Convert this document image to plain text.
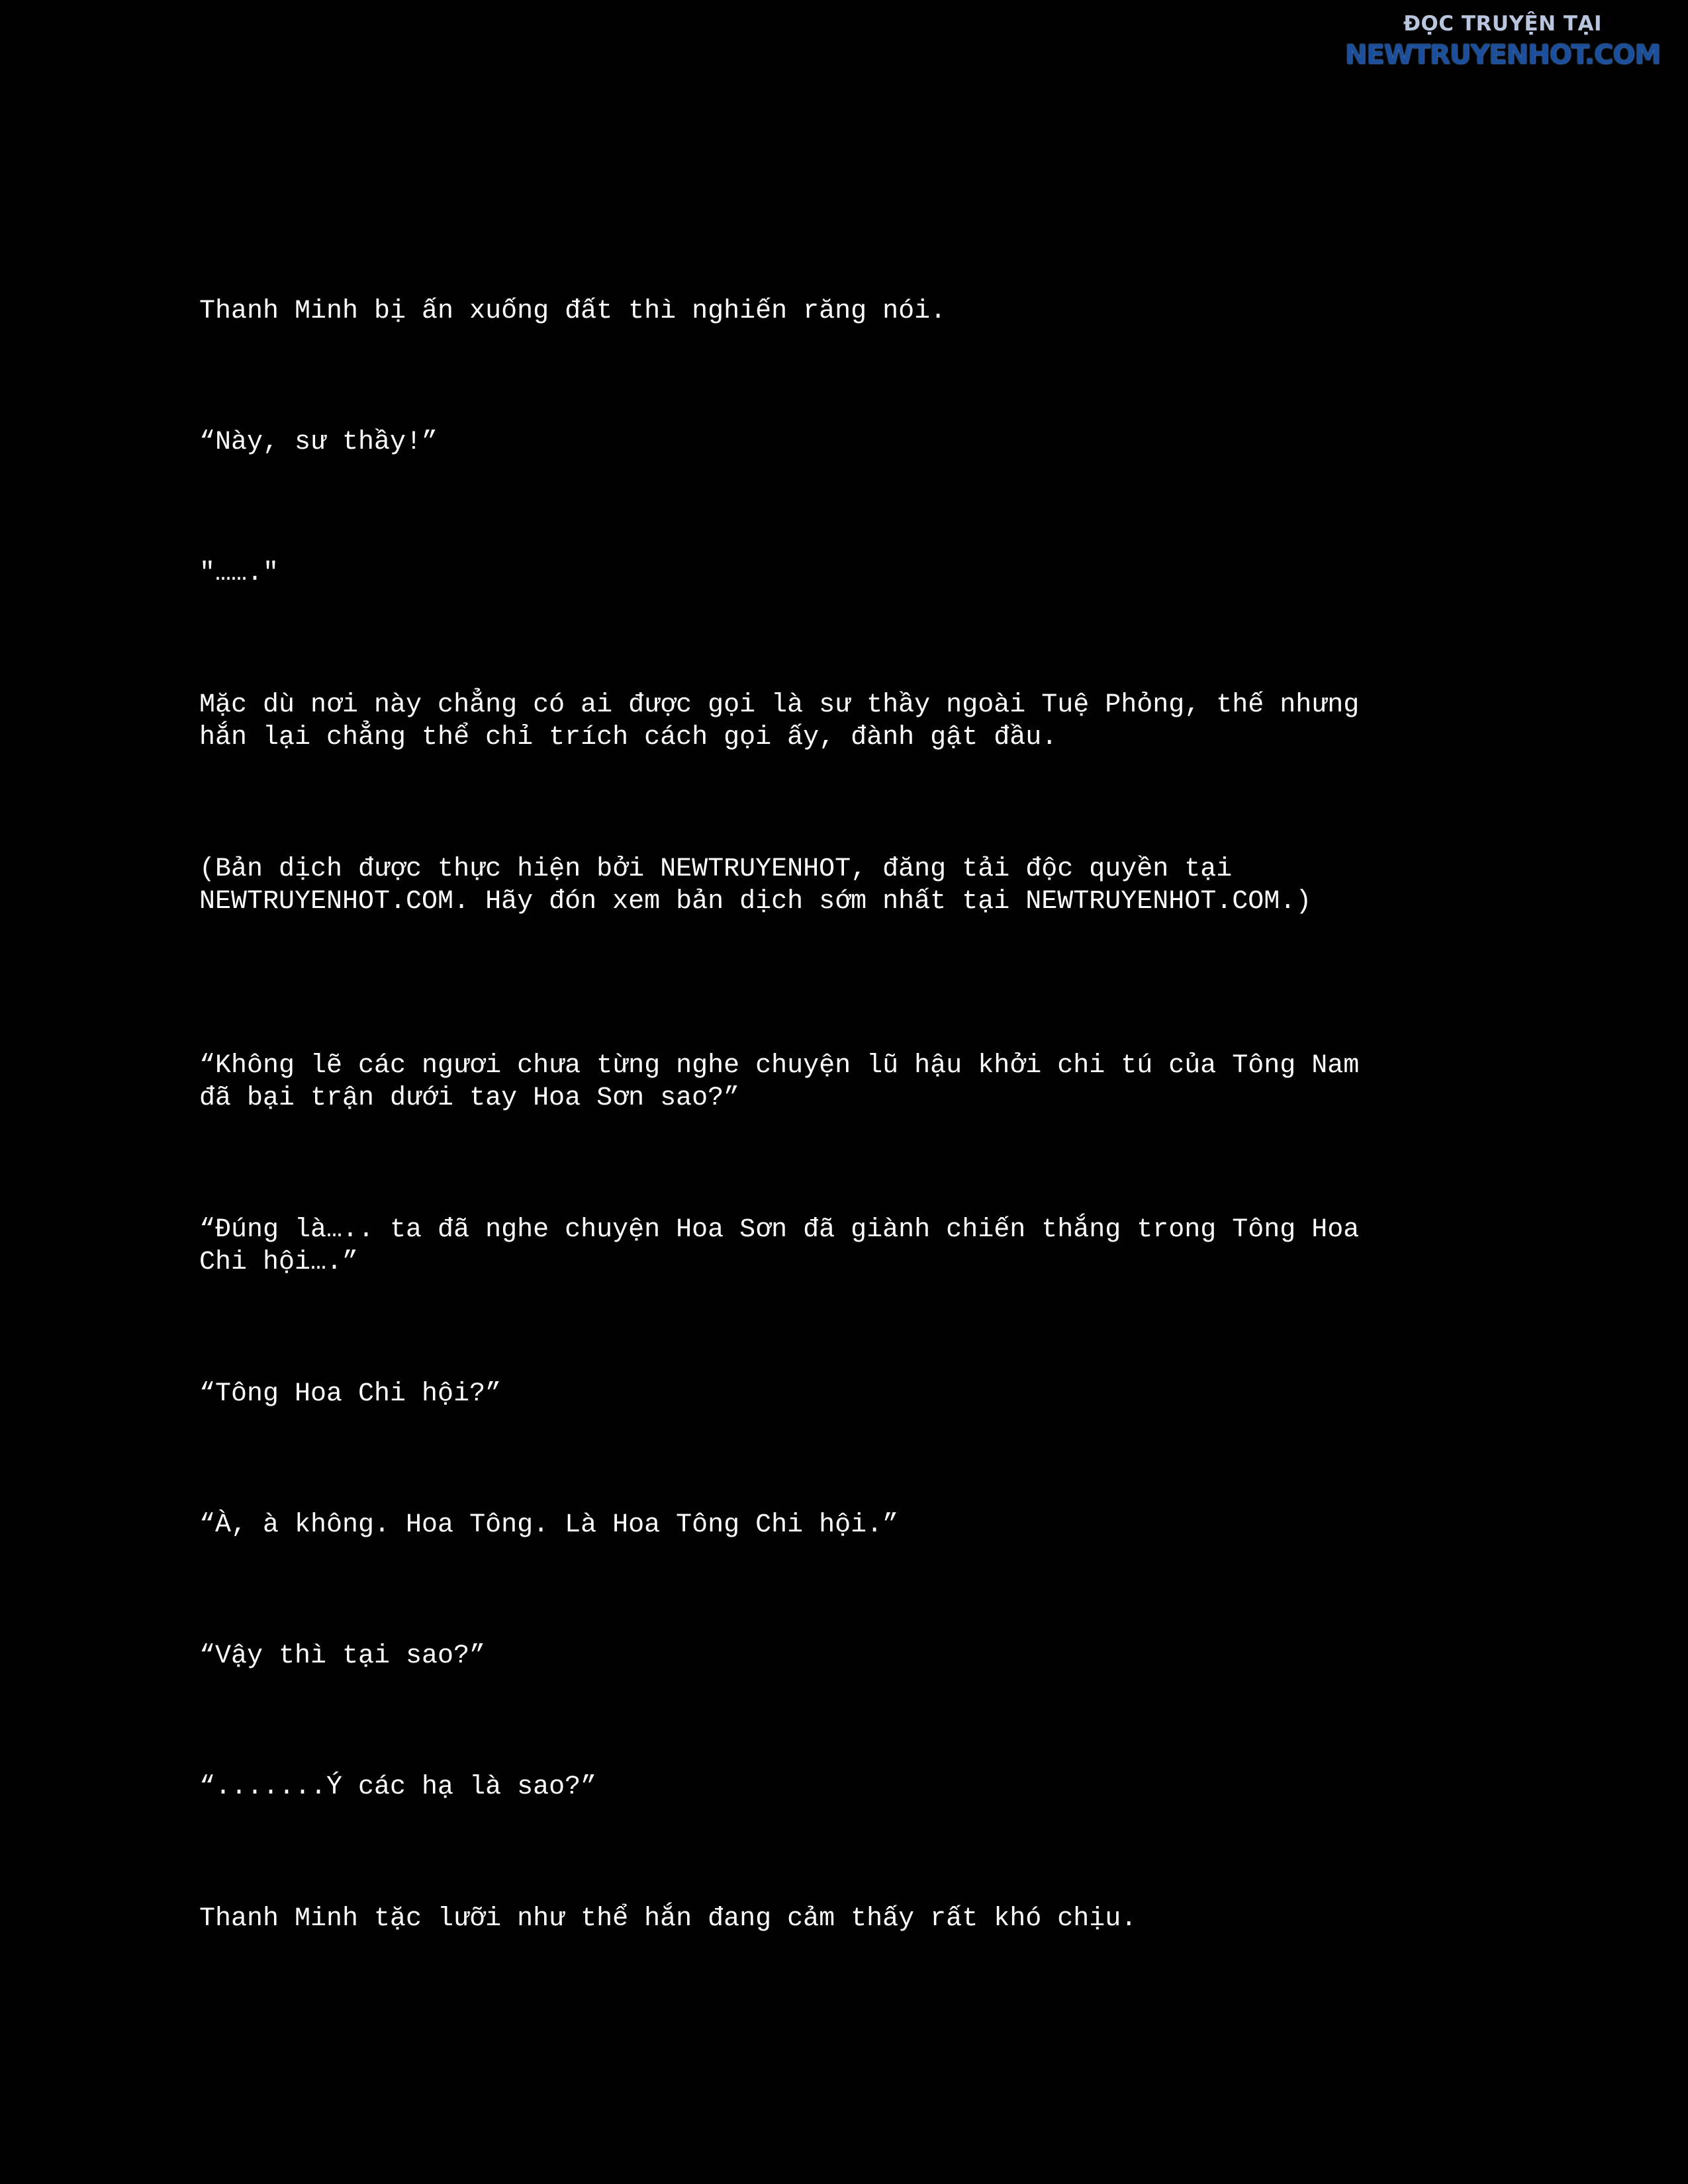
ĐỌC TRUYỆN TẠI
NEWTRUYENHOT.COM

Thanh Minh bị ấn xuống đất thì nghiến răng nói.

“Này, sư thầy!”

"……."

Mặc dù nơi này chẳng có ai được gọi là sư thầy ngoài Tuệ Phỏng, thế nhưng
hắn lại chẳng thể chỉ trích cách gọi ấy, đành gật đầu.

(Bản dịch được thực hiện bởi NEWTRUYENHOT, đăng tải độc quyền tại
NEWTRUYENHOT.COM. Hãy đón xem bản dịch sớm nhất tại NEWTRUYENHOT.COM.)

“Không lẽ các ngươi chưa từng nghe chuyện lũ hậu khởi chi tú của Tông Nam
đã bại trận dưới tay Hoa Sơn sao?”

“Đúng là….. ta đã nghe chuyện Hoa Sơn đã giành chiến thắng trong Tông Hoa
Chi hội….”

“Tông Hoa Chi hội?”

“À, à không. Hoa Tông. Là Hoa Tông Chi hội.”

“Vậy thì tại sao?”

“.......Ý các hạ là sao?”

Thanh Minh tặc lưỡi như thể hắn đang cảm thấy rất khó chịu.
